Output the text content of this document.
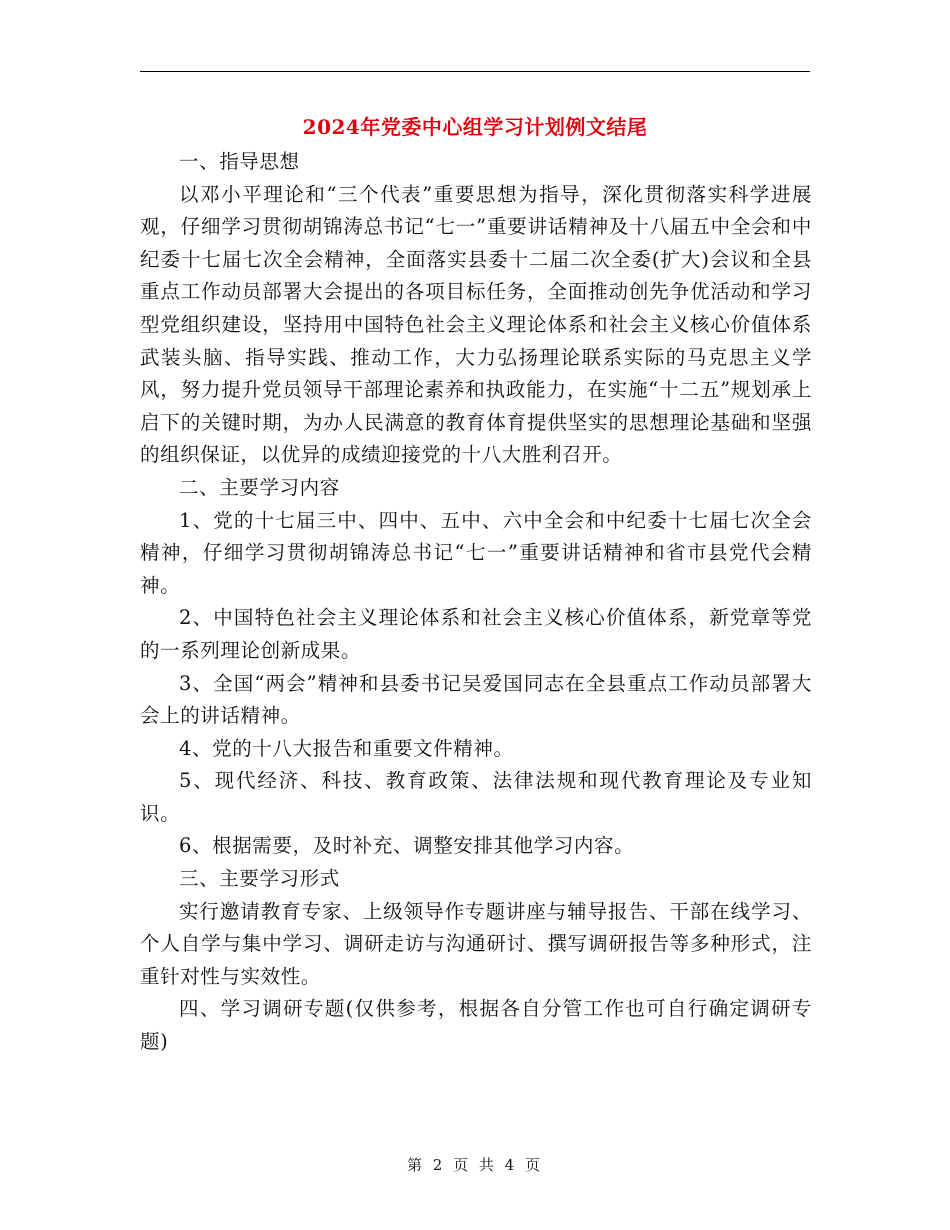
2024年党委中心组学习计划例文结尾

一、指导思想

以邓小平理论和“三个代表”重要思想为指导，深化贯彻落实科学进展观，仔细学习贯彻胡锦涛总书记“七一”重要讲话精神及十八届五中全会和中纪委十七届七次全会精神，全面落实县委十二届二次全委(扩大)会议和全县重点工作动员部署大会提出的各项目标任务，全面推动创先争优活动和学习型党组织建设，坚持用中国特色社会主义理论体系和社会主义核心价值体系武装头脑、指导实践、推动工作，大力弘扬理论联系实际的马克思主义学风，努力提升党员领导干部理论素养和执政能力，在实施“十二五”规划承上启下的关键时期，为办人民满意的教育体育提供坚实的思想理论基础和坚强的组织保证，以优异的成绩迎接党的十八大胜利召开。

二、主要学习内容

1、党的十七届三中、四中、五中、六中全会和中纪委十七届七次全会精神，仔细学习贯彻胡锦涛总书记“七一”重要讲话精神和省市县党代会精神。

2、中国特色社会主义理论体系和社会主义核心价值体系，新党章等党的一系列理论创新成果。

3、全国“两会”精神和县委书记吴爱国同志在全县重点工作动员部署大会上的讲话精神。

4、党的十八大报告和重要文件精神。

5、现代经济、科技、教育政策、法律法规和现代教育理论及专业知识。

6、根据需要，及时补充、调整安排其他学习内容。

三、主要学习形式

实行邀请教育专家、上级领导作专题讲座与辅导报告、干部在线学习、个人自学与集中学习、调研走访与沟通研讨、撰写调研报告等多种形式，注重针对性与实效性。

四、学习调研专题(仅供参考，根据各自分管工作也可自行确定调研专题)

第 2 页 共 4 页
